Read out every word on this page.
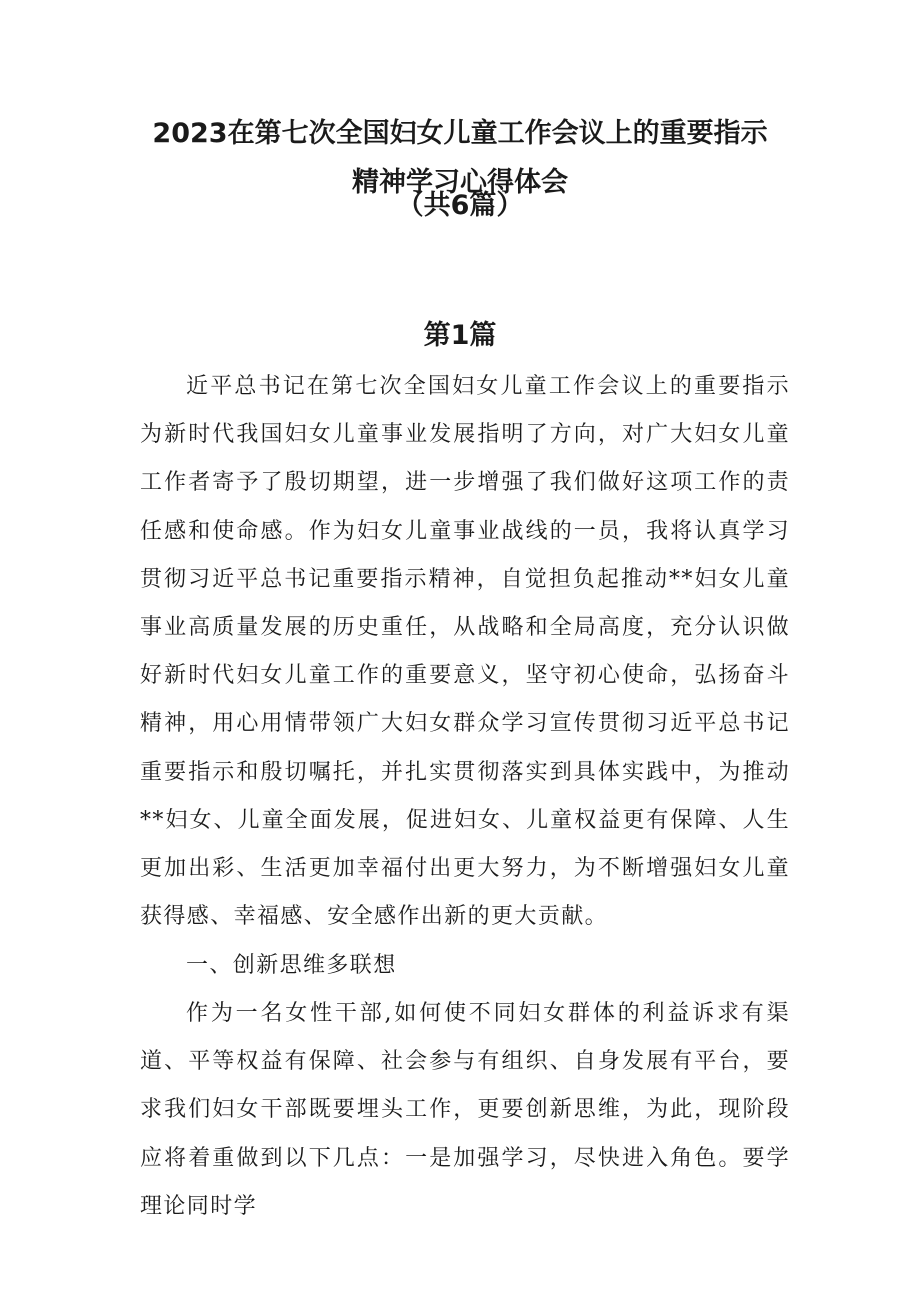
2023在第七次全国妇女儿童工作会议上的重要指示
精神学习心得体会
（共6篇）
第1篇

近平总书记在第七次全国妇女儿童工作会议上的重要指示为新时代我国妇女儿童事业发展指明了方向，对广大妇女儿童工作者寄予了殷切期望，进一步增强了我们做好这项工作的责任感和使命感。作为妇女儿童事业战线的一员，我将认真学习贯彻习近平总书记重要指示精神，自觉担负起推动**妇女儿童事业高质量发展的历史重任，从战略和全局高度，充分认识做好新时代妇女儿童工作的重要意义，坚守初心使命，弘扬奋斗精神，用心用情带领广大妇女群众学习宣传贯彻习近平总书记重要指示和殷切嘱托，并扎实贯彻落实到具体实践中，为推动**妇女、儿童全面发展，促进妇女、儿童权益更有保障、人生更加出彩、生活更加幸福付出更大努力，为不断增强妇女儿童获得感、幸福感、安全感作出新的更大贡献。

一、创新思维多联想

作为一名女性干部,如何使不同妇女群体的利益诉求有渠道、平等权益有保障、社会参与有组织、自身发展有平台，要求我们妇女干部既要埋头工作，更要创新思维，为此，现阶段应将着重做到以下几点：一是加强学习，尽快进入角色。要学理论同时学
